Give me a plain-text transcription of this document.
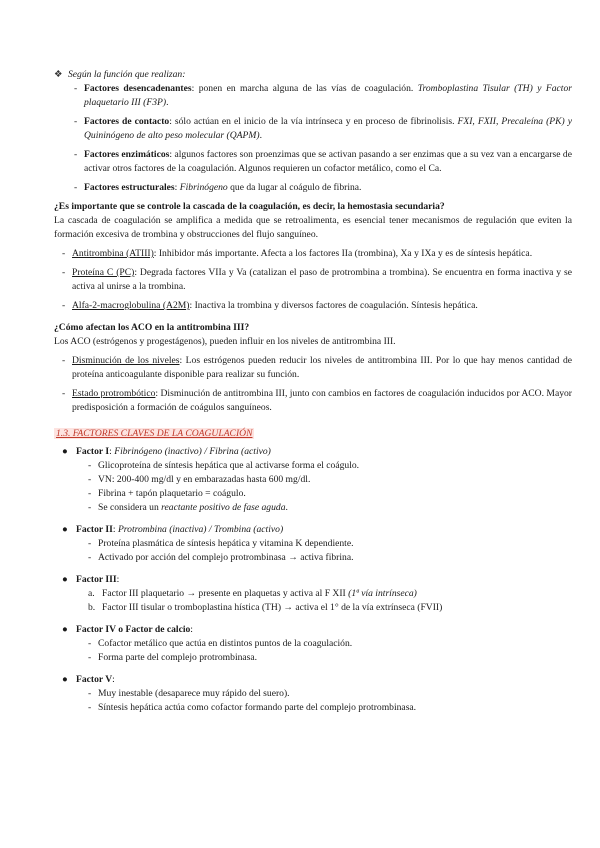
❖ Según la función que realizan:

- Factores desencadenantes: ponen en marcha alguna de las vías de coagulación. Tromboplastina Tisular (TH) y Factor plaquetario III (F3P).

- Factores de contacto: sólo actúan en el inicio de la vía intrínseca y en proceso de fibrinolisis. FXI, FXII, Precaleína (PK) y Quininógeno de alto peso molecular (QAPM).

- Factores enzimáticos: algunos factores son proenzimas que se activan pasando a ser enzimas que a su vez van a encargarse de activar otros factores de la coagulación. Algunos requieren un cofactor metálico, como el Ca.

- Factores estructurales: Fibrinógeno que da lugar al coágulo de fibrina.

¿Es importante que se controle la cascada de la coagulación, es decir, la hemostasia secundaria?

La cascada de coagulación se amplifica a medida que se retroalimenta, es esencial tener mecanismos de regulación que eviten la formación excesiva de trombina y obstrucciones del flujo sanguíneo.

- Antitrombina (ATIII): Inhibidor más importante. Afecta a los factores IIa (trombina), Xa y IXa y es de síntesis hepática.

- Proteína C (PC): Degrada factores VIIa y Va (catalizan el paso de protrombina a trombina). Se encuentra en forma inactiva y se activa al unirse a la trombina.

- Alfa-2-macroglobulina (A2M): Inactiva la trombina y diversos factores de coagulación. Síntesis hepática.

¿Cómo afectan los ACO en la antitrombina III?

Los ACO (estrógenos y progestágenos), pueden influir en los niveles de antitrombina III.

- Disminución de los niveles: Los estrógenos pueden reducir los niveles de antitrombina III. Por lo que hay menos cantidad de proteína anticoagulante disponible para realizar su función.

- Estado protrombótico: Disminución de antitrombina III, junto con cambios en factores de coagulación inducidos por ACO. Mayor predisposición a formación de coágulos sanguíneos.

1.3. FACTORES CLAVES DE LA COAGULACIÓN

● Factor I: Fibrinógeno (inactivo) / Fibrina (activo)

- Glicoproteína de síntesis hepática que al activarse forma el coágulo.

- VN: 200-400 mg/dl y en embarazadas hasta 600 mg/dl.

- Fibrina + tapón plaquetario = coágulo.

- Se considera un reactante positivo de fase aguda.

● Factor II: Protrombina (inactiva) / Trombina (activo)

- Proteína plasmática de síntesis hepática y vitamina K dependiente.

- Activado por acción del complejo protrombinasa → activa fibrina.

● Factor III:

a. Factor III plaquetario → presente en plaquetas y activa al F XII (1ª vía intrínseca)

b. Factor III tisular o tromboplastina hística (TH) → activa el 1° de la vía extrínseca (FVII)

● Factor IV o Factor de calcio:

- Cofactor metálico que actúa en distintos puntos de la coagulación.

- Forma parte del complejo protrombinasa.

● Factor V:

- Muy inestable (desaparece muy rápido del suero).

- Síntesis hepática actúa como cofactor formando parte del complejo protrombinasa.
